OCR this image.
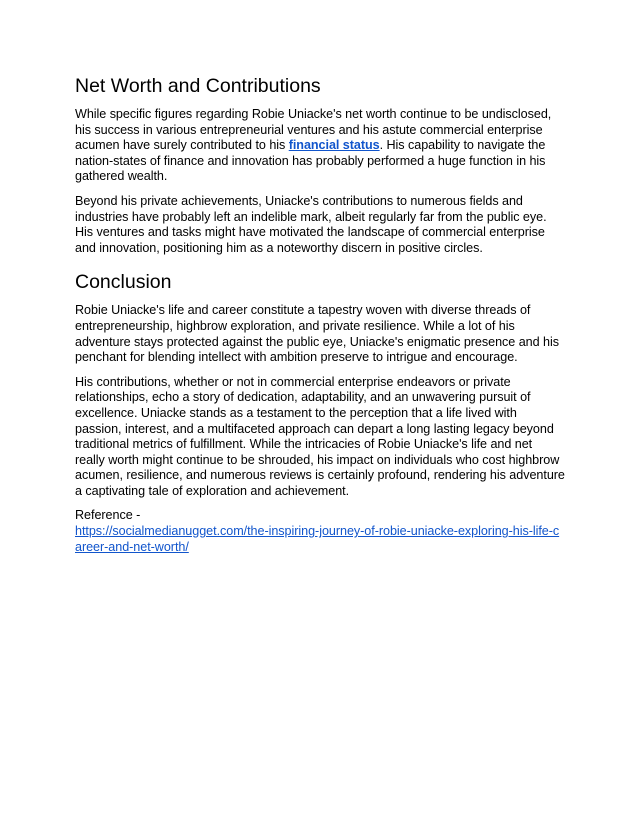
Net Worth and Contributions

While specific figures regarding Robie Uniacke's net worth continue to be undisclosed, his success in various entrepreneurial ventures and his astute commercial enterprise acumen have surely contributed to his financial status. His capability to navigate the nation-states of finance and innovation has probably performed a huge function in his gathered wealth.

Beyond his private achievements, Uniacke's contributions to numerous fields and industries have probably left an indelible mark, albeit regularly far from the public eye. His ventures and tasks might have motivated the landscape of commercial enterprise and innovation, positioning him as a noteworthy discern in positive circles.

Conclusion

Robie Uniacke's life and career constitute a tapestry woven with diverse threads of entrepreneurship, highbrow exploration, and private resilience. While a lot of his adventure stays protected against the public eye, Uniacke's enigmatic presence and his penchant for blending intellect with ambition preserve to intrigue and encourage.

His contributions, whether or not in commercial enterprise endeavors or private relationships, echo a story of dedication, adaptability, and an unwavering pursuit of excellence. Uniacke stands as a testament to the perception that a life lived with passion, interest, and a multifaceted approach can depart a long lasting legacy beyond traditional metrics of fulfillment. While the intricacies of Robie Uniacke's life and net really worth might continue to be shrouded, his impact on individuals who cost highbrow acumen, resilience, and numerous reviews is certainly profound, rendering his adventure a captivating tale of exploration and achievement.

Reference -
https://socialmedianugget.com/the-inspiring-journey-of-robie-uniacke-exploring-his-life-career-and-net-worth/
